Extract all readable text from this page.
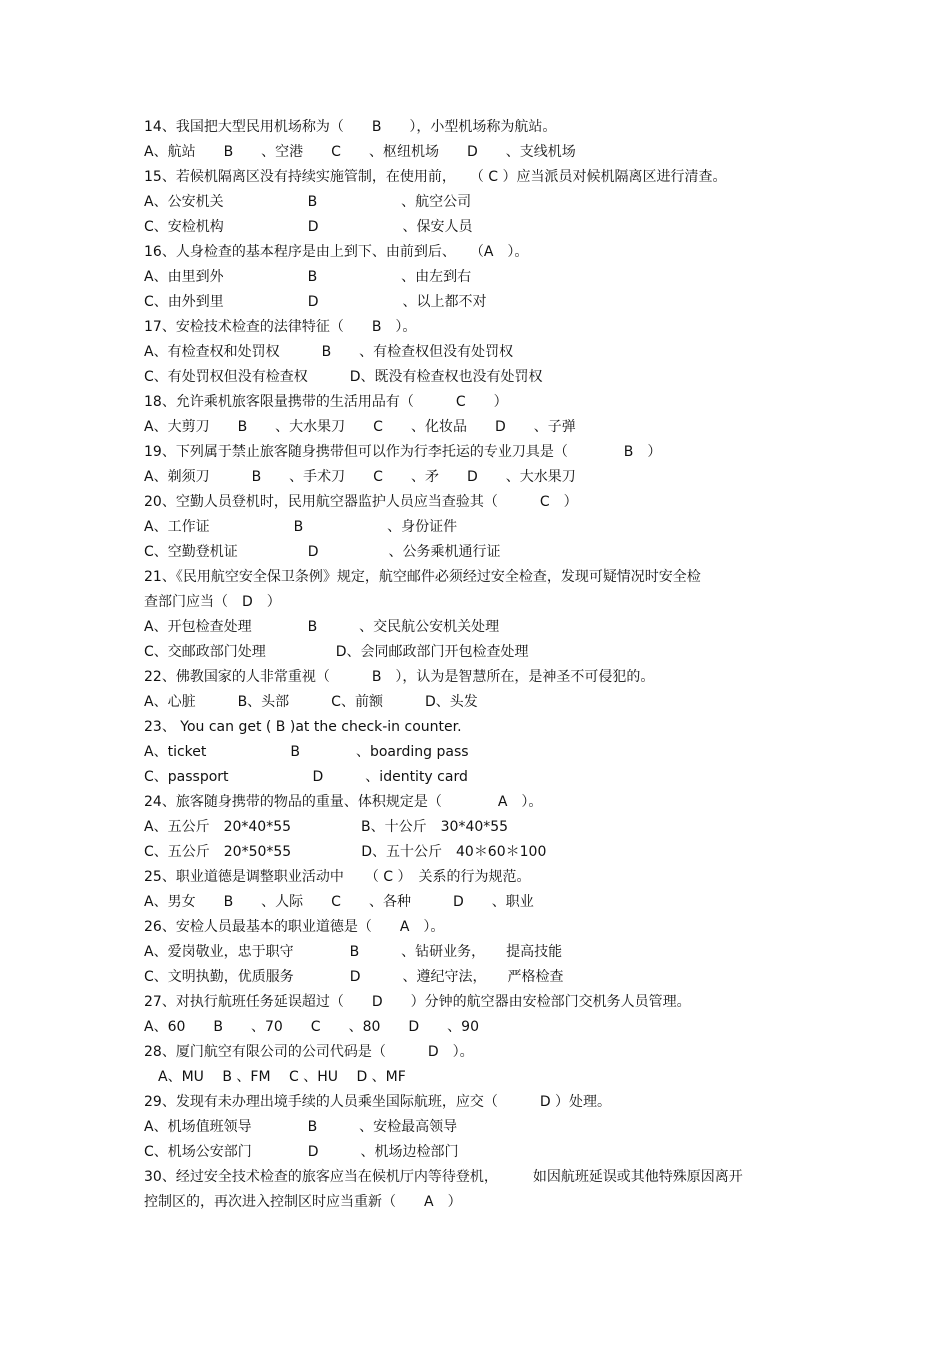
14、我国把大型民用机场称为（　　B　　），小型机场称为航站。
A、航站　　B　　、空港　　C　　、枢纽机场　　D　　、支线机场
15、若候机隔离区没有持续实施管制，在使用前，　　（ C ）应当派员对候机隔离区进行清查。
A、公安机关　　　　　　B　　　　　　、航空公司
C、安检机构　　　　　　D　　　　　　、保安人员
16、人身检查的基本程序是由上到下、由前到后、　　（A　）。
A、由里到外　　　　　　B　　　　　　、由左到右
C、由外到里　　　　　　D　　　　　　、以上都不对
17、安检技术检查的法律特征（　　B　）。
A、有检查权和处罚权　　　B　　、有检查权但没有处罚权
C、有处罚权但没有检查权　　　D、既没有检查权也没有处罚权
18、允许乘机旅客限量携带的生活用品有（　　　C　　）
A、大剪刀　　B　　、大水果刀　　C　　、化妆品　　D　　、子弹
19、下列属于禁止旅客随身携带但可以作为行李托运的专业刀具是（　　　　B　）
A、剃须刀　　　B　　、手术刀　　C　　、矛　　D　　、大水果刀
20、空勤人员登机时，民用航空器监护人员应当查验其（　　　C　）
A、工作证　　　　　　B　　　　　　、身份证件
C、空勤登机证　　　　　D　　　　　、公务乘机通行证
21、《民用航空安全保卫条例》规定，航空邮件必须经过安全检查，发现可疑情况时安全检
查部门应当（　D　）
A、开包检查处理　　　　B　　　、交民航公安机关处理
C、交邮政部门处理　　　　　D、会同邮政部门开包检查处理
22、佛教国家的人非常重视（　　　B　），认为是智慧所在，是神圣不可侵犯的。
A、心脏　　　B、头部　　　C、前额　　　D、头发
23、 You can get ( B )at the check-in counter.
A、ticket　　　　　　B　　　　、boarding pass
C、passport　　　　　　D　　　、identity card
24、旅客随身携带的物品的重量、体积规定是（　　　　A　）。
A、五公斤　20*40*55　　　　　B、十公斤　30*40*55
C、五公斤　20*50*55　　　　　D、五十公斤　40＊60＊100
25、职业道德是调整职业活动中　　（ C ）　关系的行为规范。
A、男女　　B　　、人际　　C　　、各种　　　D　　、职业
26、安检人员最基本的职业道德是（　　A　）。
A、爱岗敬业，忠于职守　　　　B　　　、钻研业务，　　提高技能
C、文明执勤，优质服务　　　　D　　　、遵纪守法，　　严格检查
27、对执行航班任务延误超过（　　D　　）分钟的航空器由安检部门交机务人员管理。
A、60　　B　　、70　　C　　、80　　D　　、90
28、厦门航空有限公司的公司代码是（　　　D　）。
　A、MU　 B 、FM　 C 、HU　 D 、MF
29、发现有未办理出境手续的人员乘坐国际航班，应交（　　　D ）处理。
A、机场值班领导　　　　B　　　、安检最高领导
C、机场公安部门　　　　D　　　、机场边检部门
30、经过安全技术检查的旅客应当在候机厅内等待登机，　　　如因航班延误或其他特殊原因离开
控制区的，再次进入控制区时应当重新（　　A　）
